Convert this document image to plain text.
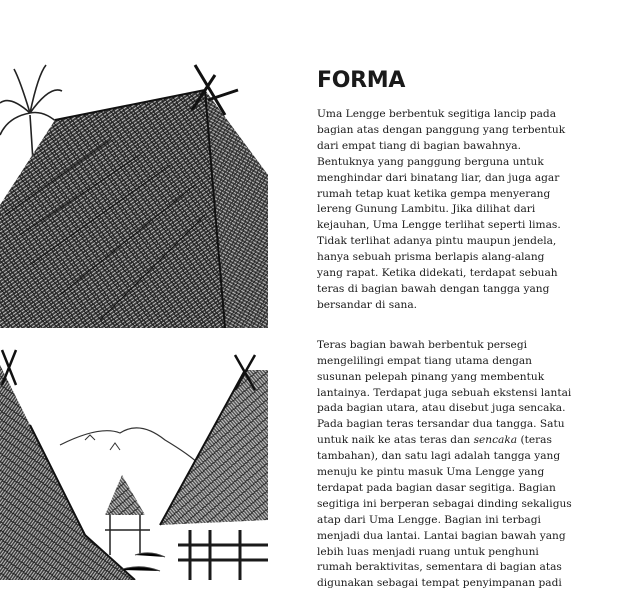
FORMA

Uma Lengge berbentuk segitiga lancip pada
bagian atas dengan panggung yang terbentuk
dari empat tiang di bagian bawahnya.
Bentuknya yang panggung berguna untuk
menghindar dari binatang liar, dan juga agar
rumah tetap kuat ketika gempa menyerang
lereng Gunung Lambitu. Jika dilihat dari
kejauhan, Uma Lengge terlihat seperti limas.
Tidak terlihat adanya pintu maupun jendela,
hanya sebuah prisma berlapis alang-alang
yang rapat. Ketika didekati, terdapat sebuah
teras di bagian bawah dengan tangga yang
bersandar di sana.

Teras bagian bawah berbentuk persegi
mengelilingi empat tiang utama dengan
susunan pelepah pinang yang membentuk
lantainya. Terdapat juga sebuah ekstensi lantai
pada bagian utara, atau disebut juga sencaka.
Pada bagian teras tersandar dua tangga. Satu
untuk naik ke atas teras dan sencaka (teras
tambahan), dan satu lagi adalah tangga yang
menuju ke pintu masuk Uma Lengge yang
terdapat pada bagian dasar segitiga. Bagian
segitiga ini berperan sebagai dinding sekaligus
atap dari Uma Lengge. Bagian ini terbagi
menjadi dua lantai. Lantai bagian bawah yang
lebih luas menjadi ruang untuk penghuni
rumah beraktivitas, sementara di bagian atas
digunakan sebagai tempat penyimpanan padi
